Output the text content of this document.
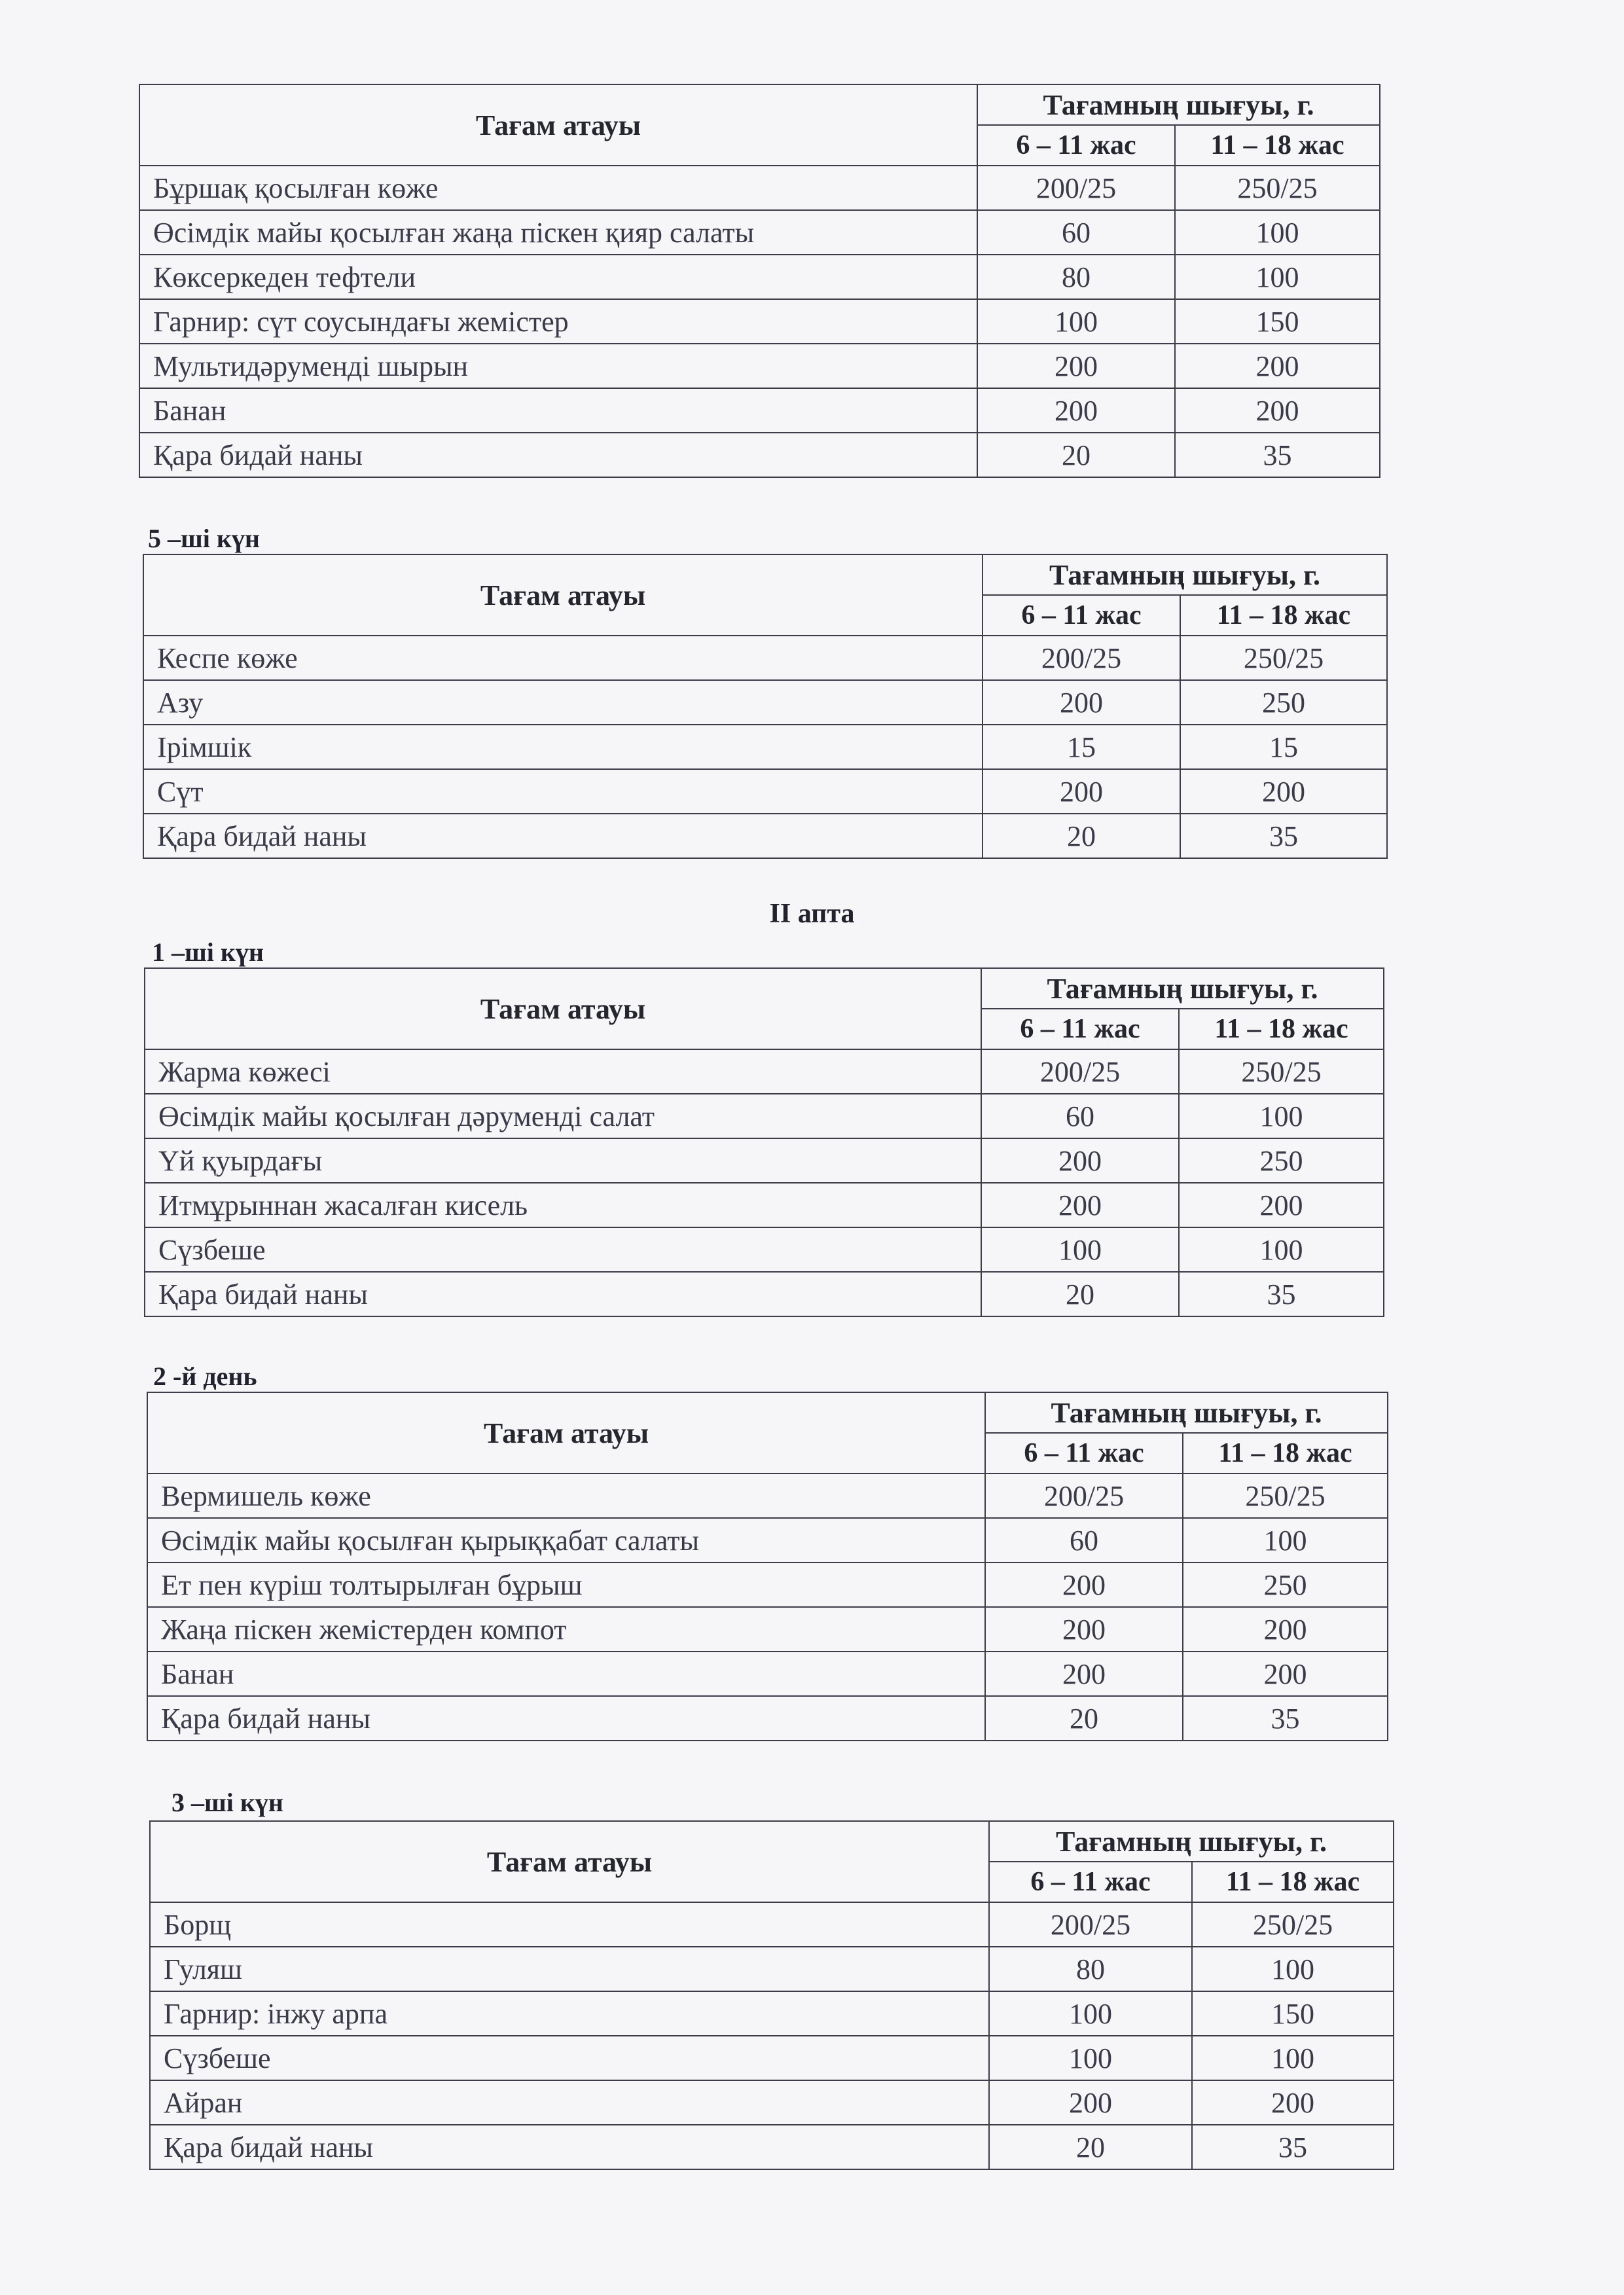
II апта
Тағам атауы	Тағамның шығуы, г.	
	6 – 11 жас	11 – 18 жас
Бұршақ қосылған көже	200/25	250/25
Өсімдік майы қосылған жаңа піскен қияр салаты	60	100
Көксеркеден тефтели	80	100
Гарнир: сүт соусындағы жемістер	100	150
Мультидәруменді шырын	200	200
Банан	200	200
Қара бидай наны	20	35
5 –ші күн
Тағам атауы	Тағамның шығуы, г.	
	6 – 11 жас	11 – 18 жас
Кеспе көже	200/25	250/25
Азу	200	250
Ірімшік	15	15
Сүт	200	200
Қара бидай наны	20	35
1 –ші күн
Тағам атауы	Тағамның шығуы, г.	
	6 – 11 жас	11 – 18 жас
Жарма көжесі	200/25	250/25
Өсімдік майы қосылған дәруменді салат	60	100
Үй қуырдағы	200	250
Итмұрыннан жасалған кисель	200	200
Сүзбеше	100	100
Қара бидай наны	20	35
2 -й день
Тағам атауы	Тағамның шығуы, г.	
	6 – 11 жас	11 – 18 жас
Вермишель көже	200/25	250/25
Өсімдік майы қосылған қырыққабат салаты	60	100
Ет пен күріш толтырылған бұрыш	200	250
Жаңа піскен жемістерден компот	200	200
Банан	200	200
Қара бидай наны	20	35
3 –ші күн
Тағам атауы	Тағамның шығуы, г.	
	6 – 11 жас	11 – 18 жас
Борщ	200/25	250/25
Гуляш	80	100
Гарнир: інжу арпа	100	150
Сүзбеше	100	100
Айран	200	200
Қара бидай наны	20	35
